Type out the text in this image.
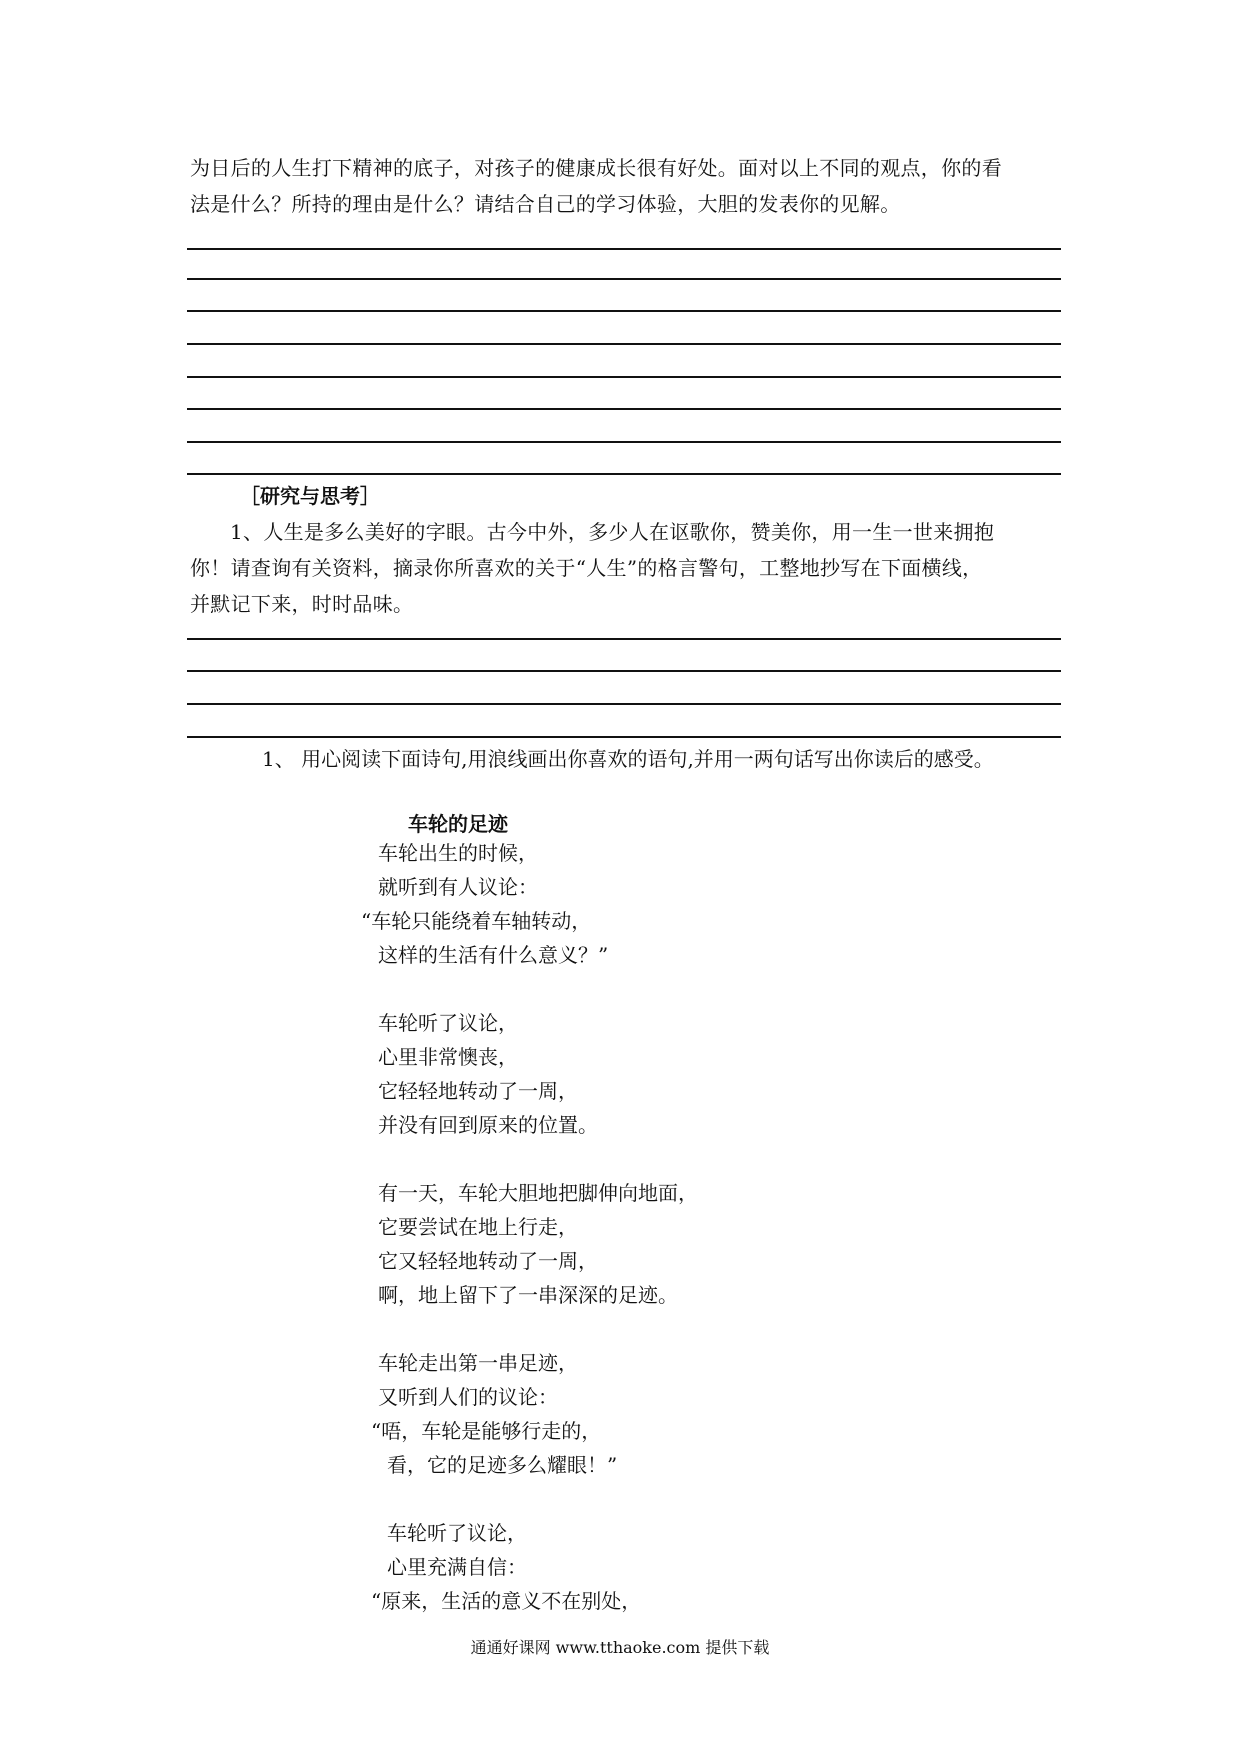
为日后的人生打下精神的底子，对孩子的健康成长很有好处。面对以上不同的观点，你的看

法是什么？所持的理由是什么？请结合自己的学习体验，大胆的发表你的见解。

［研究与思考］

1、人生是多么美好的字眼。古今中外，多少人在讴歌你，赞美你，用一生一世来拥抱

你！请查询有关资料，摘录你所喜欢的关于“人生”的格言警句，工整地抄写在下面横线，

并默记下来，时时品味。

1、 用心阅读下面诗句,用浪线画出你喜欢的语句,并用一两句话写出你读后的感受。
车轮的足迹
车轮出生的时候，
就听到有人议论：
“车轮只能绕着车轴转动，
这样的生活有什么意义？”
车轮听了议论，
心里非常懊丧，
它轻轻地转动了一周，
并没有回到原来的位置。
有一天，车轮大胆地把脚伸向地面，
它要尝试在地上行走，
它又轻轻地转动了一周，
啊，地上留下了一串深深的足迹。
车轮走出第一串足迹，
又听到人们的议论：
“唔，车轮是能够行走的，
看，它的足迹多么耀眼！”
车轮听了议论，
心里充满自信：
“原来，生活的意义不在别处，
通通好课网 www.tthaoke.com 提供下载
